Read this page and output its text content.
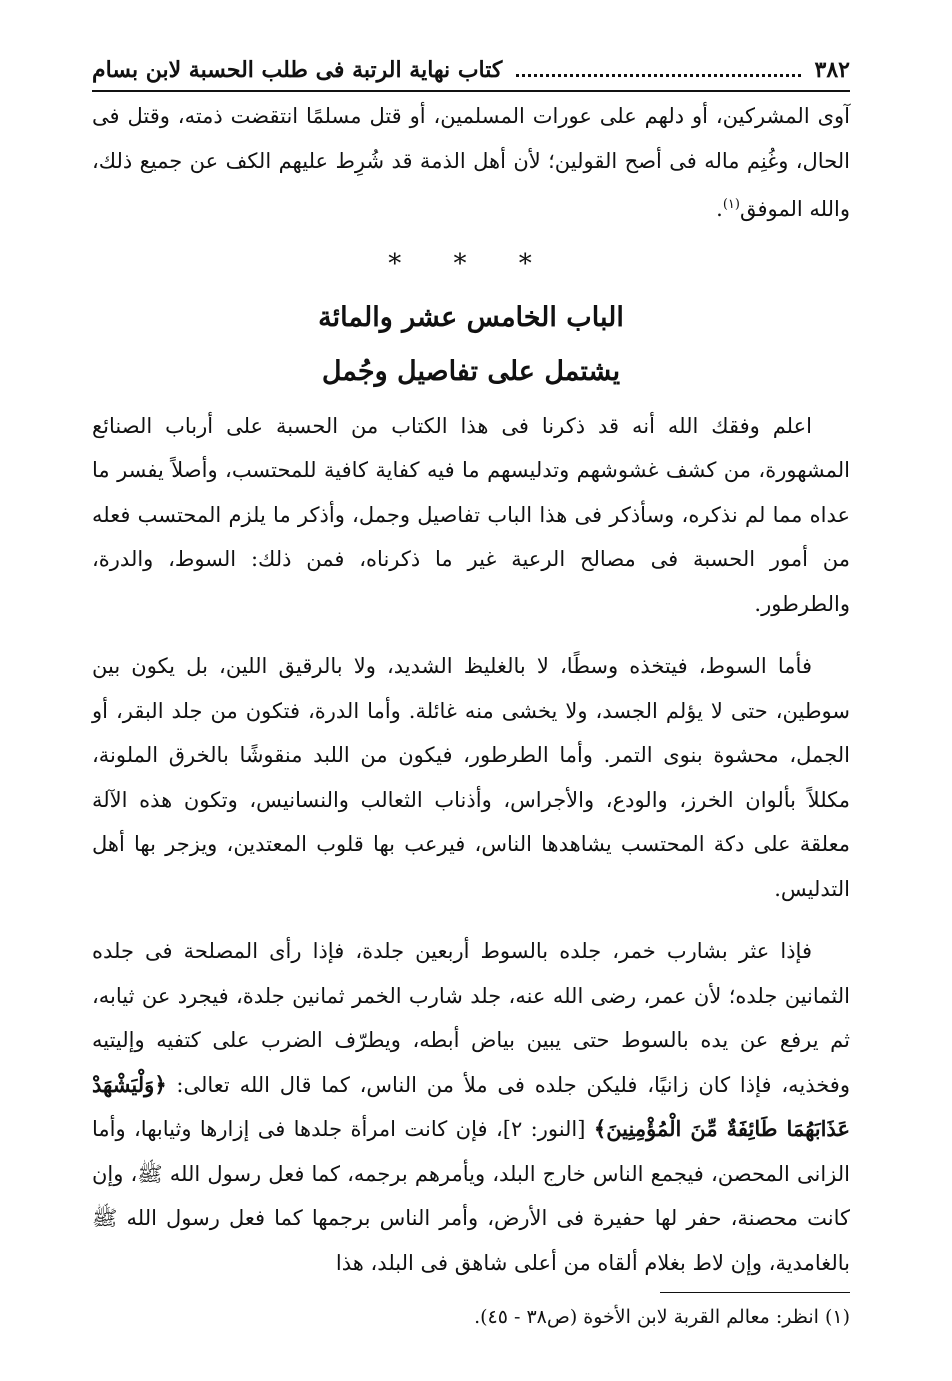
٣٨٢
كتاب نهاية الرتبة فى طلب الحسبة لابن بسام

آوى المشركين، أو دلهم على عورات المسلمين، أو قتل مسلمًا انتقضت ذمته، وقتل فى الحال، وغُنِم ماله فى أصح القولين؛ لأن أهل الذمة قد شُرِط عليهم الكف عن جميع ذلك، والله الموفق$^{(١)}$.

* * *
الباب الخامس عشر والمائة
يشتمل على تفاصيل وجُمل

اعلم وفقك الله أنه قد ذكرنا فى هذا الكتاب من الحسبة على أرباب الصنائع المشهورة، من كشف غشوشهم وتدليسهم ما فيه كفاية كافية للمحتسب، وأصلاً يفسر ما عداه مما لم نذكره، وسأذكر فى هذا الباب تفاصيل وجمل، وأذكر ما يلزم المحتسب فعله من أمور الحسبة فى مصالح الرعية غير ما ذكرناه، فمن ذلك: السوط، والدرة، والطرطور.

فأما السوط، فيتخذه وسطًا، لا بالغليظ الشديد، ولا بالرقيق اللين، بل يكون بين سوطين، حتى لا يؤلم الجسد، ولا يخشى منه غائلة. وأما الدرة، فتكون من جلد البقر، أو الجمل، محشوة بنوى التمر. وأما الطرطور، فيكون من اللبد منقوشًا بالخرق الملونة، مكللاً بألوان الخرز، والودع، والأجراس، وأذناب الثعالب والنسانيس، وتكون هذه الآلة معلقة على دكة المحتسب يشاهدها الناس، فيرعب بها قلوب المعتدين، ويزجر بها أهل التدليس.

فإذا عثر بشارب خمر، جلده بالسوط أربعين جلدة، فإذا رأى المصلحة فى جلده الثمانين جلده؛ لأن عمر، رضى الله عنه، جلد شارب الخمر ثمانين جلدة، فيجرد عن ثيابه، ثم يرفع عن يده بالسوط حتى يبين بياض أبطه، ويطرّف الضرب على كتفيه وإليتيه وفخذيه، فإذا كان زانيًا، فليكن جلده فى ملأ من الناس، كما قال الله تعالى: ﴿وَلْيَشْهَدْ عَذَابَهُمَا طَائِفَةٌ مِّنَ الْمُؤْمِنِينَ﴾ [النور: ٢]، فإن كانت امرأة جلدها فى إزارها وثيابها، وأما الزانى المحصن، فيجمع الناس خارج البلد، ويأمرهم برجمه، كما فعل رسول الله ﷺ، وإن كانت محصنة، حفر لها حفيرة فى الأرض، وأمر الناس برجمها كما فعل رسول الله ﷺ بالغامدية، وإن لاط بغلام ألقاه من أعلى شاهق فى البلد، هذا

(١) انظر: معالم القربة لابن الأخوة (ص٣٨ - ٤٥).
